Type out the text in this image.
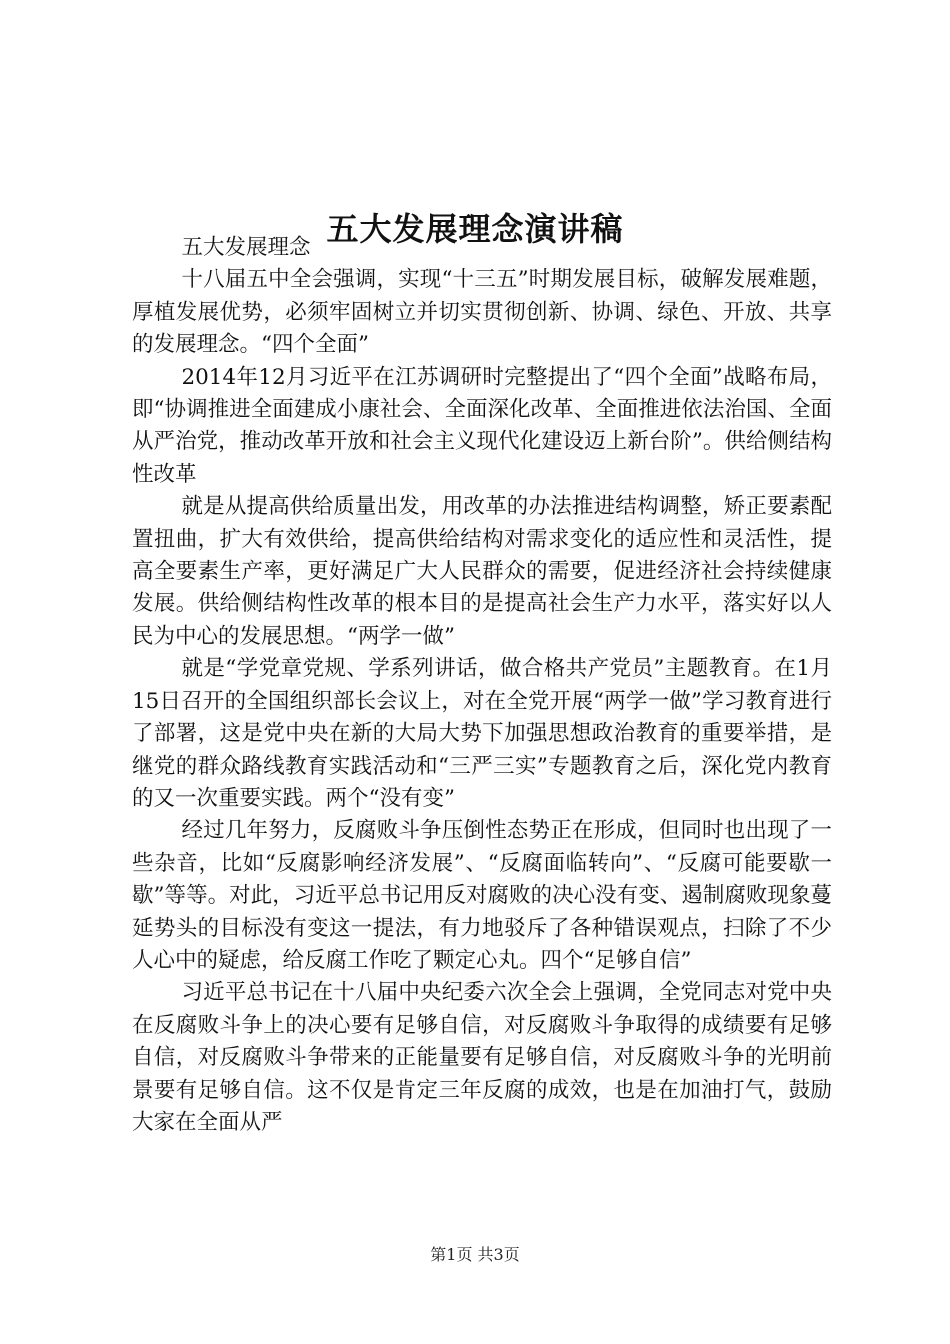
五大发展理念演讲稿

五大发展理念

十八届五中全会强调，实现“十三五”时期发展目标，破解发展难题，厚植发展优势，必须牢固树立并切实贯彻创新、协调、绿色、开放、共享的发展理念。“四个全面”

2014年12月习近平在江苏调研时完整提出了“四个全面”战略布局，即“协调推进全面建成小康社会、全面深化改革、全面推进依法治国、全面从严治党，推动改革开放和社会主义现代化建设迈上新台阶”。供给侧结构性改革

就是从提高供给质量出发，用改革的办法推进结构调整，矫正要素配置扭曲，扩大有效供给，提高供给结构对需求变化的适应性和灵活性，提高全要素生产率，更好满足广大人民群众的需要，促进经济社会持续健康发展。供给侧结构性改革的根本目的是提高社会生产力水平，落实好以人民为中心的发展思想。“两学一做”

就是“学党章党规、学系列讲话，做合格共产党员”主题教育。在1月15日召开的全国组织部长会议上，对在全党开展“两学一做”学习教育进行了部署，这是党中央在新的大局大势下加强思想政治教育的重要举措，是继党的群众路线教育实践活动和“三严三实”专题教育之后，深化党内教育的又一次重要实践。两个“没有变”

经过几年努力，反腐败斗争压倒性态势正在形成，但同时也出现了一些杂音，比如“反腐影响经济发展”、“反腐面临转向”、“反腐可能要歇一歇”等等。对此，习近平总书记用反对腐败的决心没有变、遏制腐败现象蔓延势头的目标没有变这一提法，有力地驳斥了各种错误观点，扫除了不少人心中的疑虑，给反腐工作吃了颗定心丸。四个“足够自信”

习近平总书记在十八届中央纪委六次全会上强调，全党同志对党中央在反腐败斗争上的决心要有足够自信，对反腐败斗争取得的成绩要有足够自信，对反腐败斗争带来的正能量要有足够自信，对反腐败斗争的光明前景要有足够自信。这不仅是肯定三年反腐的成效，也是在加油打气，鼓励大家在全面从严

第1页 共3页
